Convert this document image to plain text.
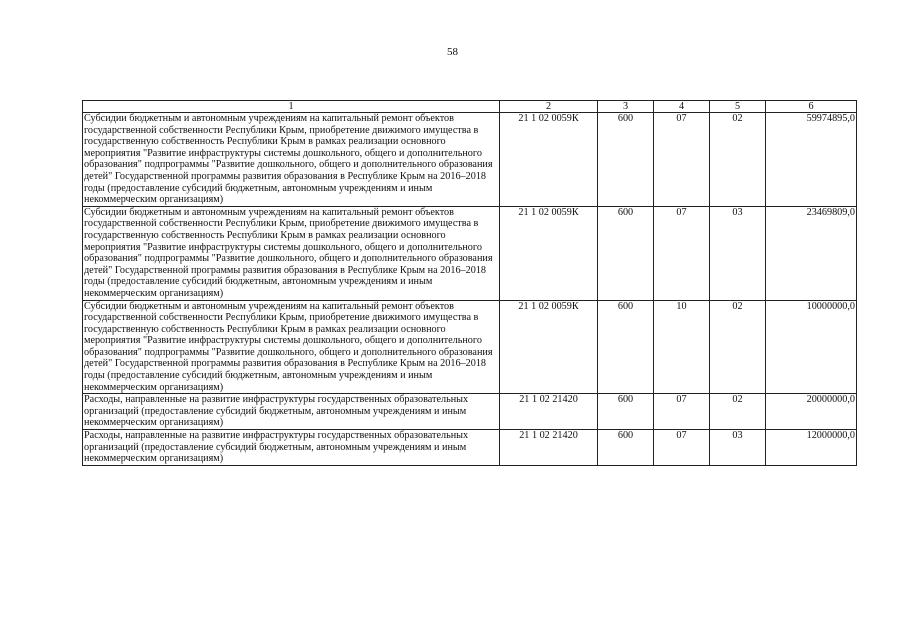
58
1	2	3	4	5	6
Субсидии бюджетным и автономным учреждениям на капитальный ремонт объектов государственной собственности Республики Крым, приобретение движимого имущества в государственную собственность Республики Крым в рамках реализации основного мероприятия "Развитие инфраструктуры системы дошкольного, общего и дополнительного образования" подпрограммы "Развитие дошкольного, общего и дополнительного образования детей" Государственной программы развития образования в Республике Крым на 2016–2018 годы (предоставление субсидий бюджетным, автономным учреждениям и иным некоммерческим организациям)	21 1 02 0059К	600	07	02	59974895,0
Субсидии бюджетным и автономным учреждениям на капитальный ремонт объектов государственной собственности Республики Крым, приобретение движимого имущества в государственную собственность Республики Крым в рамках реализации основного мероприятия "Развитие инфраструктуры системы дошкольного, общего и дополнительного образования" подпрограммы "Развитие дошкольного, общего и дополнительного образования детей" Государственной программы развития образования в Республике Крым на 2016–2018 годы (предоставление субсидий бюджетным, автономным учреждениям и иным некоммерческим организациям)	21 1 02 0059К	600	07	03	23469809,0
Субсидии бюджетным и автономным учреждениям на капитальный ремонт объектов государственной собственности Республики Крым, приобретение движимого имущества в государственную собственность Республики Крым в рамках реализации основного мероприятия "Развитие инфраструктуры системы дошкольного, общего и дополнительного образования" подпрограммы "Развитие дошкольного, общего и дополнительного образования детей" Государственной программы развития образования в Республике Крым на 2016–2018 годы (предоставление субсидий бюджетным, автономным учреждениям и иным некоммерческим организациям)	21 1 02 0059К	600	10	02	10000000,0
Расходы, направленные на развитие инфраструктуры государственных образовательных организаций (предоставление субсидий бюджетным, автономным учреждениям и иным некоммерческим организациям)	21 1 02 21420	600	07	02	20000000,0
Расходы, направленные на развитие инфраструктуры государственных образовательных организаций (предоставление субсидий бюджетным, автономным учреждениям и иным некоммерческим организациям)	21 1 02 21420	600	07	03	12000000,0
